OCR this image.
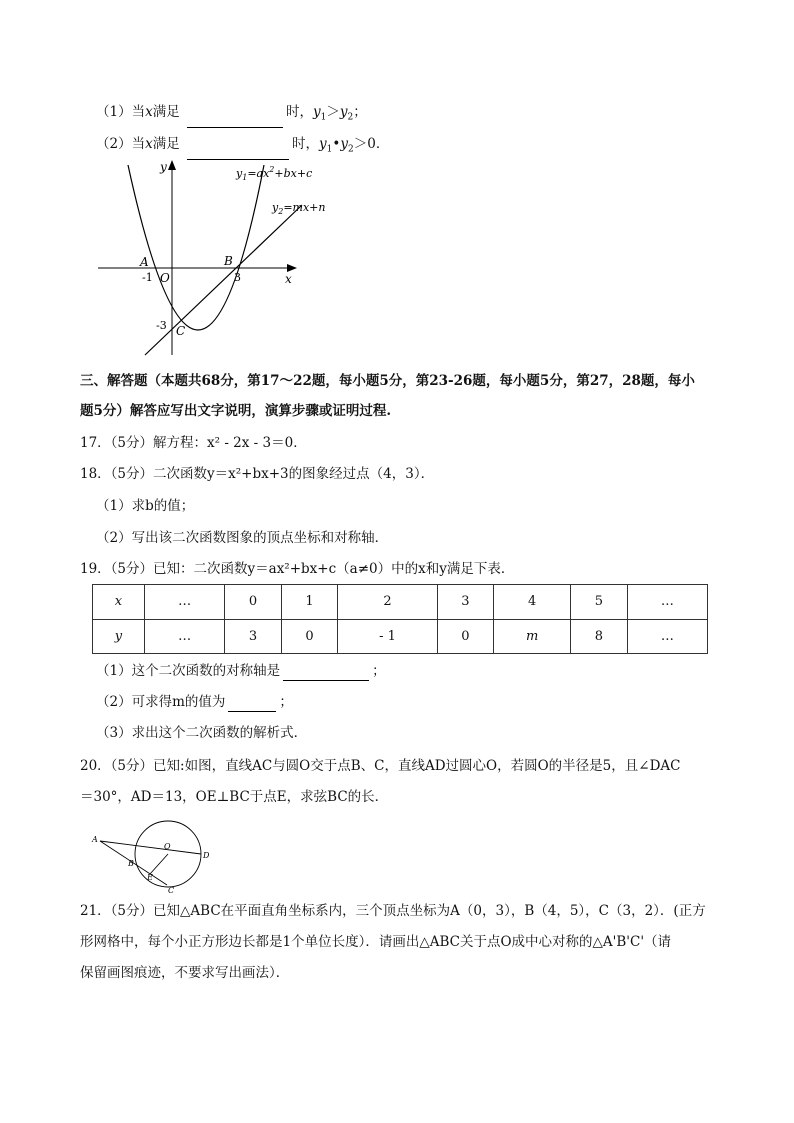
（1）当x满足	时，$y_1>y_2$；
（2）当x满足	时，$y_1•y_2>0$．
y
x
A	B
C
O
-1	3
-3
$y_1=ax^2+bx+c$
$y_2=mx+n$
三、解答题（本题共68分，第17～22题，每小题5分，第23-26题，每小题5分，第27，28题，每小
题5分）解答应写出文字说明，演算步骤或证明过程.
17．（5分）解方程：x² - 2x - 3＝0．
18．（5分）二次函数y＝x²+bx+3的图象经过点（4，3）．
（1）求b的值；
（2）写出该二次函数图象的顶点坐标和对称轴．
19．（5分）已知：二次函数y＝ax²+bx+c（a≠0）中的x和y满足下表．
x	…	0	1	2	3	4	5	…
y	…	3	0	- 1	0	m	8	…
（1）这个二次函数的对称轴是	；
（2）可求得m的值为	；
（3）求出这个二次函数的解析式．
20．（5分）已知:如图，直线AC与圆O交于点B、C，直线AD过圆心O，若圆O的半径是5，且∠DAC
＝30°，AD＝13，OE⊥BC于点E，求弦BC的长．
A
B
C
D
E
O
21．（5分）已知△ABC在平面直角坐标系内，三个顶点坐标为A（0，3），B（4，5），C（3，2）．(正方
形网格中，每个小正方形边长都是1个单位长度）．请画出△ABC关于点O成中心对称的△A'B'C'（请
保留画图痕迹，不要求写出画法）．
